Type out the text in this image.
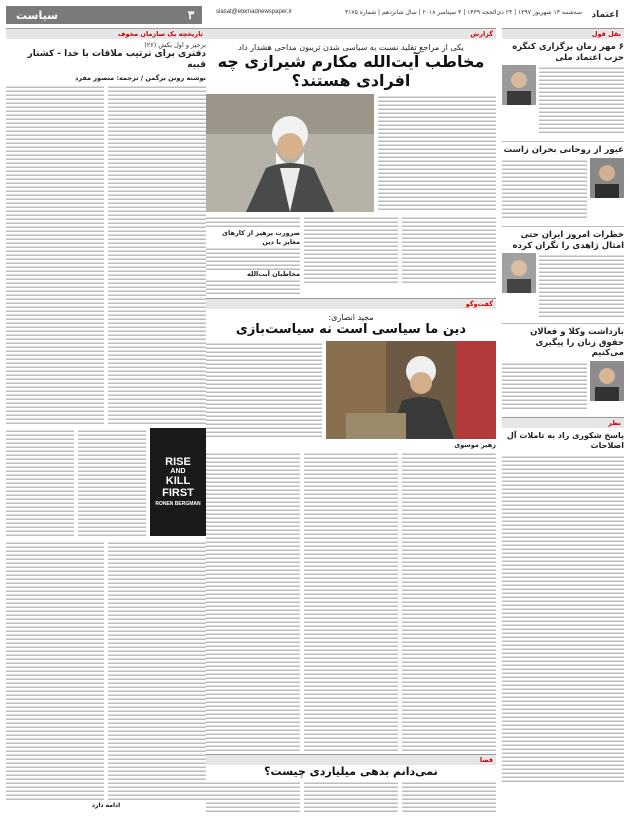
۳
سیاست	siasat@etemadnewspaper.ir	سه‌شنبه ۱۳ شهریور ۱۳۹۷ | ۲۴ ذی‌الحجه ۱۴۳۹ | ۴ سپتامبر ۲۰۱۸ | سال شانزدهم | شماره ۴۱۷۵	اعتماد
نقل قول
۶ مهر زمان برگزاری کنگره حزب اعتماد ملی
عبور از روحانی بحران زاست
خطرات امروز ایران حتی امثال ژاهدی را نگران کرده
بازداشت وکلا و فعالان حقوق زنان را پیگیری می‌کنیم
نظر
پاسخ شکوری راد به تاملات آل اصلاحات
گزارش
یکی از مراجع تقلید نسبت به سیاسی شدن تریبون مداحی هشدار داد
مخاطب آیت‌الله مکارم شیرازی چه افرادی هستند؟
ضرورت پرهیز از کارهای مغایر با دین
مخاطبان آیت‌الله
گفت‌وگو
مجید انصاری:
دین ما سیاسی است نه سیاست‌بازی
زهیر موسوی
قضا
نمی‌دانم بدهی میلیاردی چیست؟
تاریخچه یک سازمان مخوف
برخیز و اول بکش (۲۶)
دفتری برای ترتیب ملاقات با خدا - کشتار قبیه
نوشته رونن برگمن / ترجمه: منصور مفرد
RISE
AND
KILL
FIRST
RONEN BERGMAN
ادامه دارد
